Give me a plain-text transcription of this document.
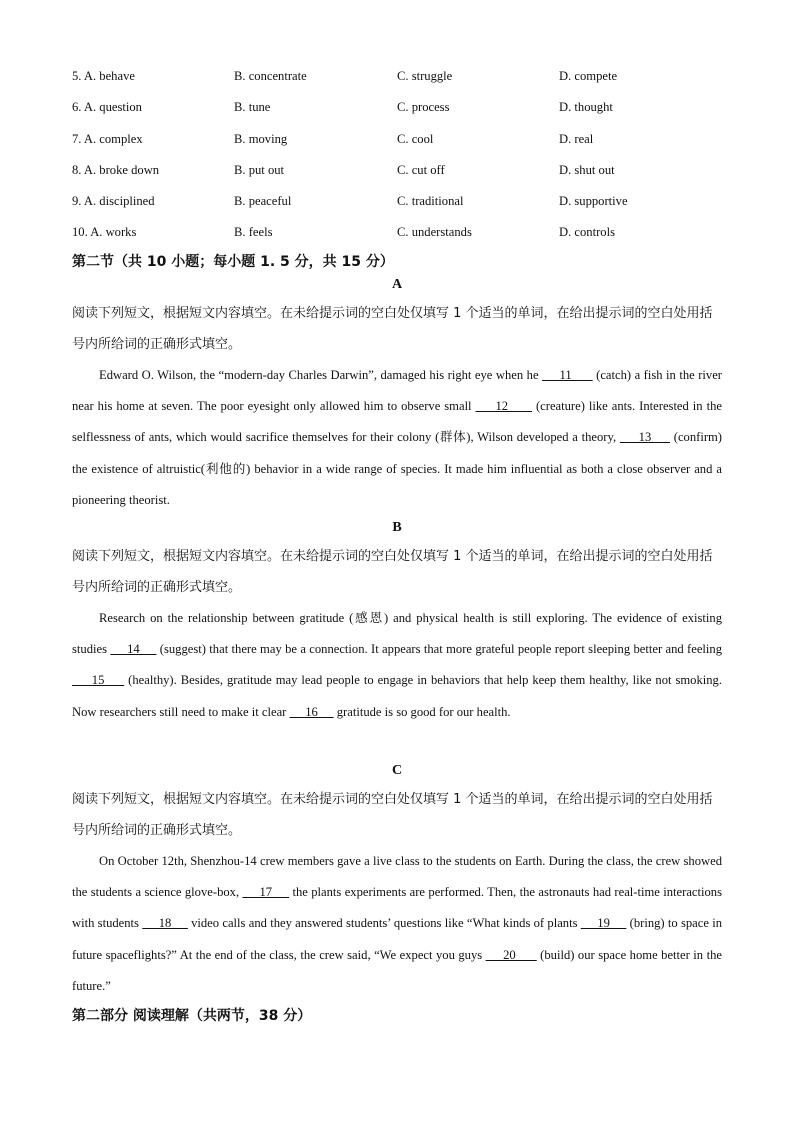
5. A. behave	B. concentrate	C. struggle	D. compete
6. A. question	B. tune	C. process	D. thought
7. A. complex	B. moving	C. cool	D. real
8. A. broke down	B. put out	C. cut off	D. shut out
9. A. disciplined	B. peaceful	C. traditional	D. supportive
10. A. works	B. feels	C. understands	D. controls
第二节（共 10 小题；每小题 1. 5 分，共 15 分）
A
阅读下列短文，根据短文内容填空。在未给提示词的空白处仅填写 1 个适当的单词，在给出提示词的空白处用括号内所给词的正确形式填空。

Edward O. Wilson, the “modern-day Charles Darwin”, damaged his right eye when he      11       (catch) a fish in the river near his home at seven. The poor eyesight only allowed him to observe small      12       (creature) like ants. Interested in the selflessness of ants, which would sacrifice themselves for their colony (群体), Wilson developed a theory,      13      (confirm) the existence of altruistic(利他的) behavior in a wide range of species. It made him influential as both a close observer and a pioneering theorist.

B
阅读下列短文，根据短文内容填空。在未给提示词的空白处仅填写 1 个适当的单词，在给出提示词的空白处用括号内所给词的正确形式填空。

Research on the relationship between gratitude (感恩) and physical health is still exploring. The evidence of existing studies      14      (suggest) that there may be a connection. It appears that more grateful people report sleeping better and feeling      15      (healthy). Besides, gratitude may lead people to engage in behaviors that help keep them healthy, like not smoking. Now researchers still need to make it clear      16      gratitude is so good for our health.

C
阅读下列短文，根据短文内容填空。在未给提示词的空白处仅填写 1 个适当的单词，在给出提示词的空白处用括号内所给词的正确形式填空。

On October 12th, Shenzhou-14 crew members gave a live class to the students on Earth. During the class, the crew showed the students a science glove-box,      17      the plants experiments are performed. Then, the astronauts had real-time interactions with students      18      video calls and they answered students’ questions like “What kinds of plants      19      (bring) to space in future spaceflights?” At the end of the class, the crew said, “We expect you guys      20       (build) our space home better in the future.”

第二部分 阅读理解（共两节，38 分）
